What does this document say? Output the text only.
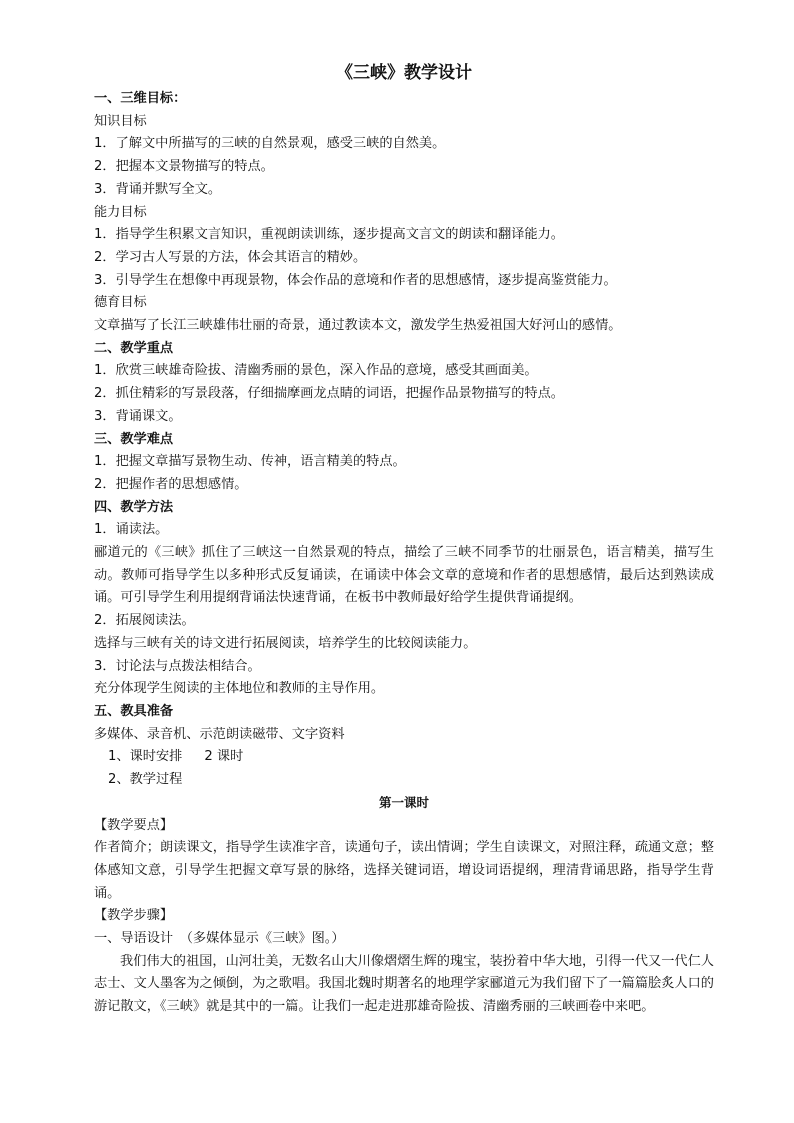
《三峡》教学设计
一、三维目标：
知识目标
1．了解文中所描写的三峡的自然景观，感受三峡的自然美。
2．把握本文景物描写的特点。
3．背诵并默写全文。
能力目标
1．指导学生积累文言知识，重视朗读训练，逐步提高文言文的朗读和翻译能力。
2．学习古人写景的方法，体会其语言的精妙。
3．引导学生在想像中再现景物，体会作品的意境和作者的思想感情，逐步提高鉴赏能力。
德育目标
文章描写了长江三峡雄伟壮丽的奇景，通过教读本文，激发学生热爱祖国大好河山的感情。
二、教学重点
1．欣赏三峡雄奇险拔、清幽秀丽的景色，深入作品的意境，感受其画面美。
2．抓住精彩的写景段落，仔细揣摩画龙点睛的词语，把握作品景物描写的特点。
3．背诵课文。
三、教学难点
1．把握文章描写景物生动、传神，语言精美的特点。
2．把握作者的思想感情。
四、教学方法
1．诵读法。
郦道元的《三峡》抓住了三峡这一自然景观的特点，描绘了三峡不同季节的壮丽景色，语言精美，描写生动。教师可指导学生以多种形式反复诵读，在诵读中体会文章的意境和作者的思想感情，最后达到熟读成诵。可引导学生利用提纲背诵法快速背诵，在板书中教师最好给学生提供背诵提纲。
2．拓展阅读法。
选择与三峡有关的诗文进行拓展阅读，培养学生的比较阅读能力。
3．讨论法与点拨法相结合。
充分体现学生阅读的主体地位和教师的主导作用。
五、教具准备
多媒体、录音机、示范朗读磁带、文字资料
1、课时安排 2 课时
2、教学过程
第一课时
【教学要点】
作者简介；朗读课文，指导学生读准字音，读通句子，读出情调；学生自读课文，对照注释，疏通文意；整体感知文意，引导学生把握文章写景的脉络，选择关键词语，增设词语提纲，理清背诵思路，指导学生背诵。
【教学步骤】
一、导语设计　（多媒体显示《三峡》图。）
我们伟大的祖国，山河壮美，无数名山大川像熠熠生辉的瑰宝，装扮着中华大地，引得一代又一代仁人志士、文人墨客为之倾倒，为之歌唱。我国北魏时期著名的地理学家郦道元为我们留下了一篇篇脍炙人口的游记散文，《三峡》就是其中的一篇。让我们一起走进那雄奇险拔、清幽秀丽的三峡画卷中来吧。
